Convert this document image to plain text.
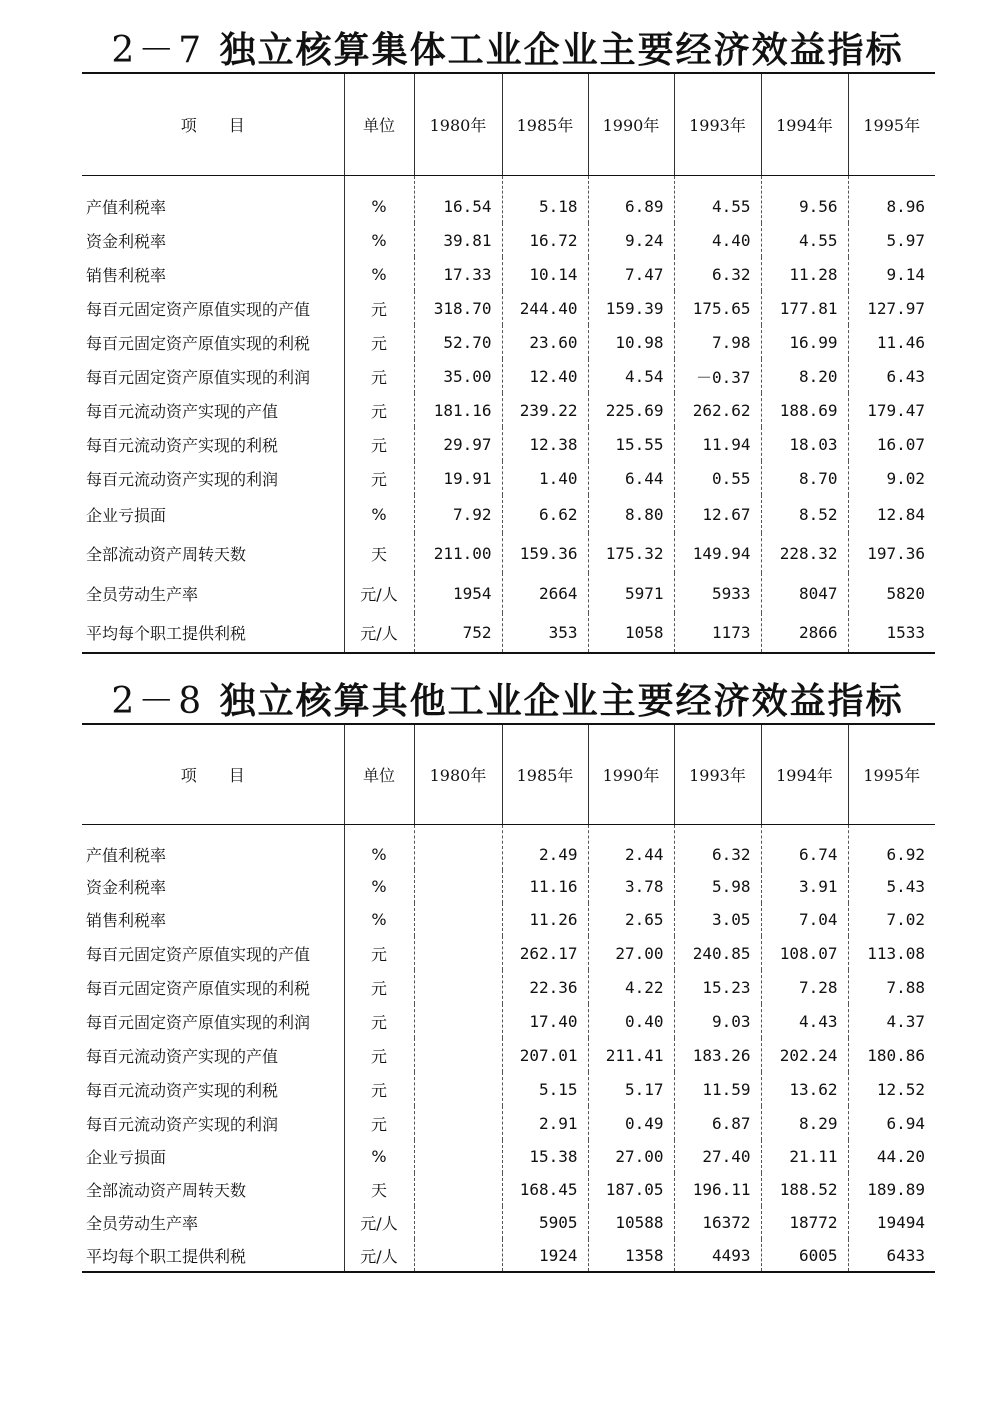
2－7 独立核算集体工业企业主要经济效益指标
项　　目	单位	1980年	1985年	1990年	1993年	1994年	1995年
产值利税率	%	16.54	5.18	6.89	4.55	9.56	8.96
资金利税率	%	39.81	16.72	9.24	4.40	4.55	5.97
销售利税率	%	17.33	10.14	7.47	6.32	11.28	9.14
每百元固定资产原值实现的产值	元	318.70	244.40	159.39	175.65	177.81	127.97
每百元固定资产原值实现的利税	元	52.70	23.60	10.98	7.98	16.99	11.46
每百元固定资产原值实现的利润	元	35.00	12.40	4.54	－0.37	8.20	6.43
每百元流动资产实现的产值	元	181.16	239.22	225.69	262.62	188.69	179.47
每百元流动资产实现的利税	元	29.97	12.38	15.55	11.94	18.03	16.07
每百元流动资产实现的利润	元	19.91	1.40	6.44	0.55	8.70	9.02
企业亏损面	%	7.92	6.62	8.80	12.67	8.52	12.84
全部流动资产周转天数	天	211.00	159.36	175.32	149.94	228.32	197.36
全员劳动生产率	元/人	1954	2664	5971	5933	8047	5820
平均每个职工提供利税	元/人	752	353	1058	1173	2866	1533
2－8 独立核算其他工业企业主要经济效益指标
项　　目	单位	1980年	1985年	1990年	1993年	1994年	1995年
产值利税率	%		2.49	2.44	6.32	6.74	6.92
资金利税率	%		11.16	3.78	5.98	3.91	5.43
销售利税率	%		11.26	2.65	3.05	7.04	7.02
每百元固定资产原值实现的产值	元		262.17	27.00	240.85	108.07	113.08
每百元固定资产原值实现的利税	元		22.36	4.22	15.23	7.28	7.88
每百元固定资产原值实现的利润	元		17.40	0.40	9.03	4.43	4.37
每百元流动资产实现的产值	元		207.01	211.41	183.26	202.24	180.86
每百元流动资产实现的利税	元		5.15	5.17	11.59	13.62	12.52
每百元流动资产实现的利润	元		2.91	0.49	6.87	8.29	6.94
企业亏损面	%		15.38	27.00	27.40	21.11	44.20
全部流动资产周转天数	天		168.45	187.05	196.11	188.52	189.89
全员劳动生产率	元/人		5905	10588	16372	18772	19494
平均每个职工提供利税	元/人		1924	1358	4493	6005	6433
